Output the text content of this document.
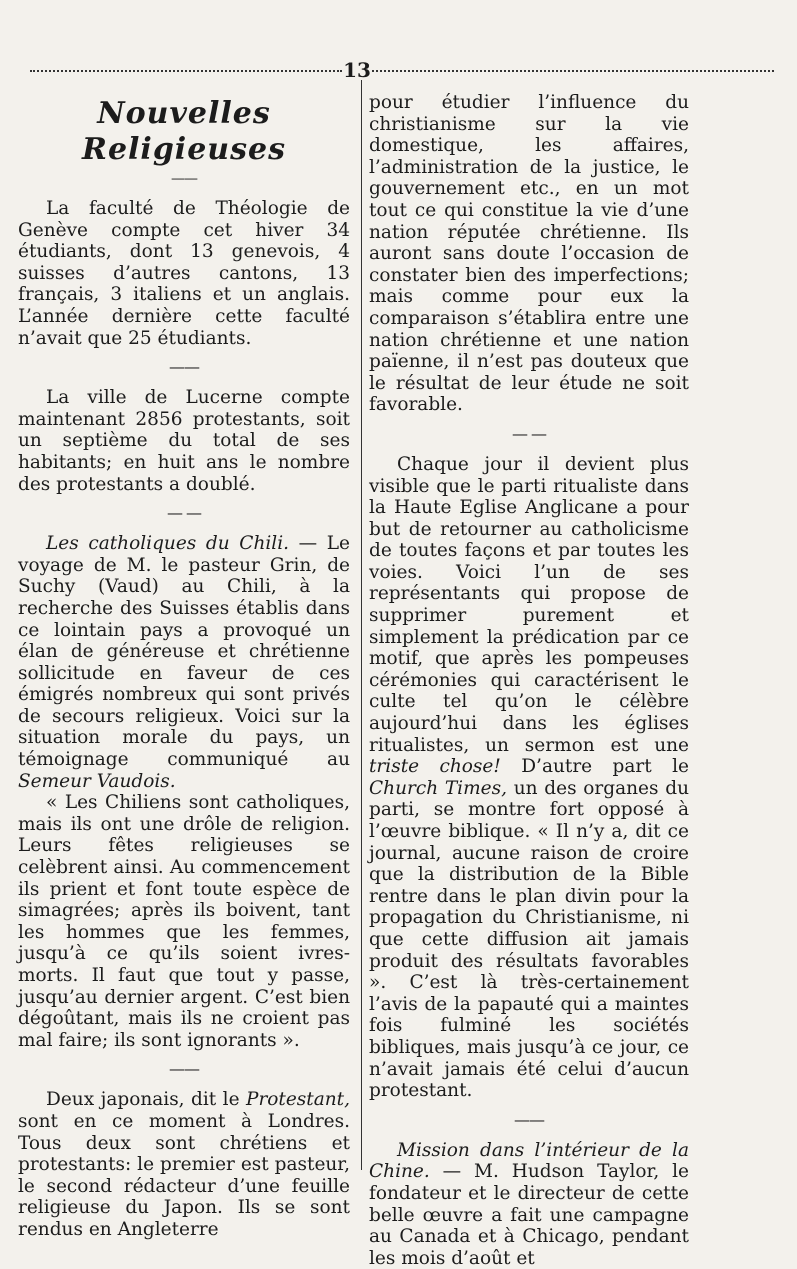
13
Nouvelles Religieuses
——

La faculté de Théologie de Genève compte cet hiver 34 étudiants, dont 13 genevois, 4 suisses d’autres cantons, 13 français, 3 italiens et un anglais. L’année dernière cette faculté n’avait que 25 étudiants.

——

La ville de Lucerne compte maintenant 2856 protestants, soit un septième du total de ses habitants; en huit ans le nombre des protestants a doublé.

— —

Les catholiques du Chili. — Le voyage de M. le pasteur Grin, de Suchy (Vaud) au Chili, à la recherche des Suisses établis dans ce lointain pays a provoqué un élan de généreuse et chrétienne sollicitude en faveur de ces émigrés nombreux qui sont privés de secours religieux. Voici sur la situation morale du pays, un témoignage communiqué au Semeur Vaudois.

« Les Chiliens sont catholiques, mais ils ont une drôle de religion. Leurs fêtes religieuses se celèbrent ainsi. Au commencement ils prient et font toute espèce de simagrées; après ils boivent, tant les hommes que les femmes, jusqu’à ce qu’ils soient ivres-morts. Il faut que tout y passe, jusqu’au dernier argent. C’est bien dégoûtant, mais ils ne croient pas mal faire; ils sont ignorants ».

——

Deux japonais, dit le Protestant, sont en ce moment à Londres. Tous deux sont chrétiens et protestants: le premier est pasteur, le second rédacteur d’une feuille religieuse du Japon. Ils se sont rendus en Angleterre

pour étudier l’influence du christianisme sur la vie domestique, les affaires, l’administration de la justice, le gouvernement etc., en un mot tout ce qui constitue la vie d’une nation réputée chrétienne. Ils auront sans doute l’occasion de constater bien des imperfections; mais comme pour eux la comparaison s’établira entre une nation chrétienne et une nation païenne, il n’est pas douteux que le résultat de leur étude ne soit favorable.

— —

Chaque jour il devient plus visible que le parti ritualiste dans la Haute Eglise Anglicane a pour but de retourner au catholicisme de toutes façons et par toutes les voies. Voici l’un de ses représentants qui propose de supprimer purement et simplement la prédication par ce motif, que après les pompeuses cérémonies qui caractérisent le culte tel qu’on le célèbre aujourd’hui dans les églises ritualistes, un sermon est une triste chose! D’autre part le Church Times, un des organes du parti, se montre fort opposé à l’œuvre biblique. « Il n’y a, dit ce journal, aucune raison de croire que la distribution de la Bible rentre dans le plan divin pour la propagation du Christianisme, ni que cette diffusion ait jamais produit des résultats favorables ». C’est là très-certainement l’avis de la papauté qui a maintes fois fulminé les sociétés bibliques, mais jusqu’à ce jour, ce n’avait jamais été celui d’aucun protestant.

——

Mission dans l’intérieur de la Chine. — M. Hudson Taylor, le fondateur et le directeur de cette belle œuvre a fait une campagne au Canada et à Chicago, pendant les mois d’août et
